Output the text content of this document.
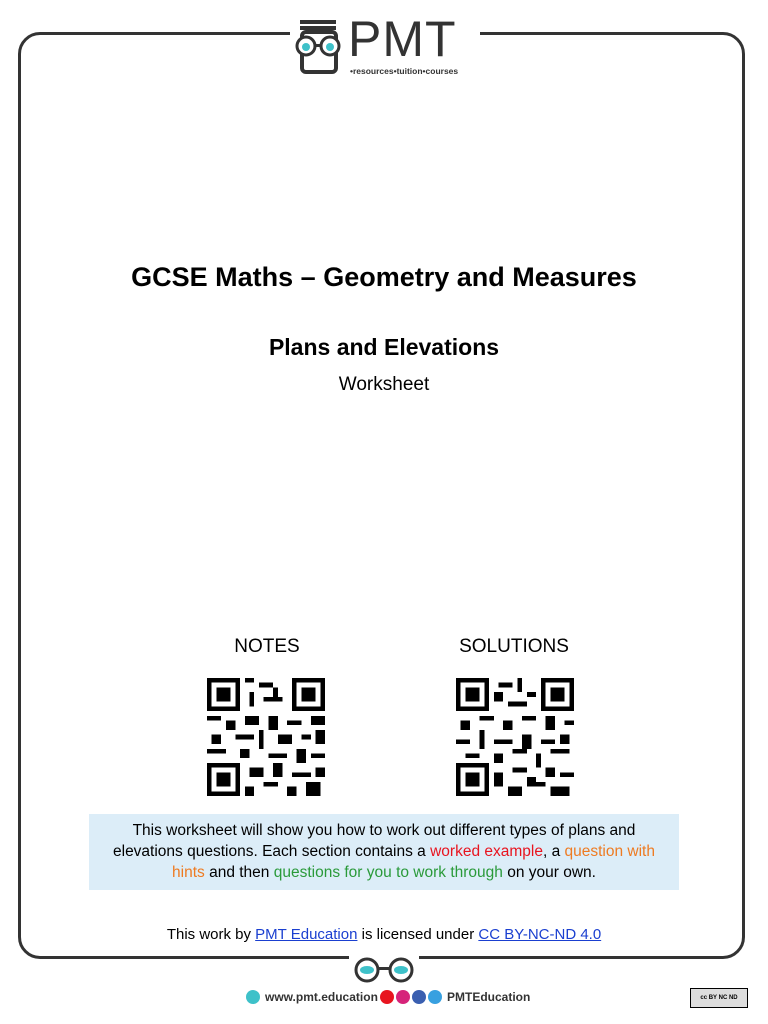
PMT
•resources•tuition•courses
GCSE Maths – Geometry and Measures
Plans and Elevations
Worksheet
NOTES	SOLUTIONS
This worksheet will show you how to work out different types of plans and elevations questions. Each section contains a worked example, a question with hints and then questions for you to work through on your own.
This work by PMT Education is licensed under CC BY-NC-ND 4.0
www.pmt.education	PMTEducation	cc BY NC ND
